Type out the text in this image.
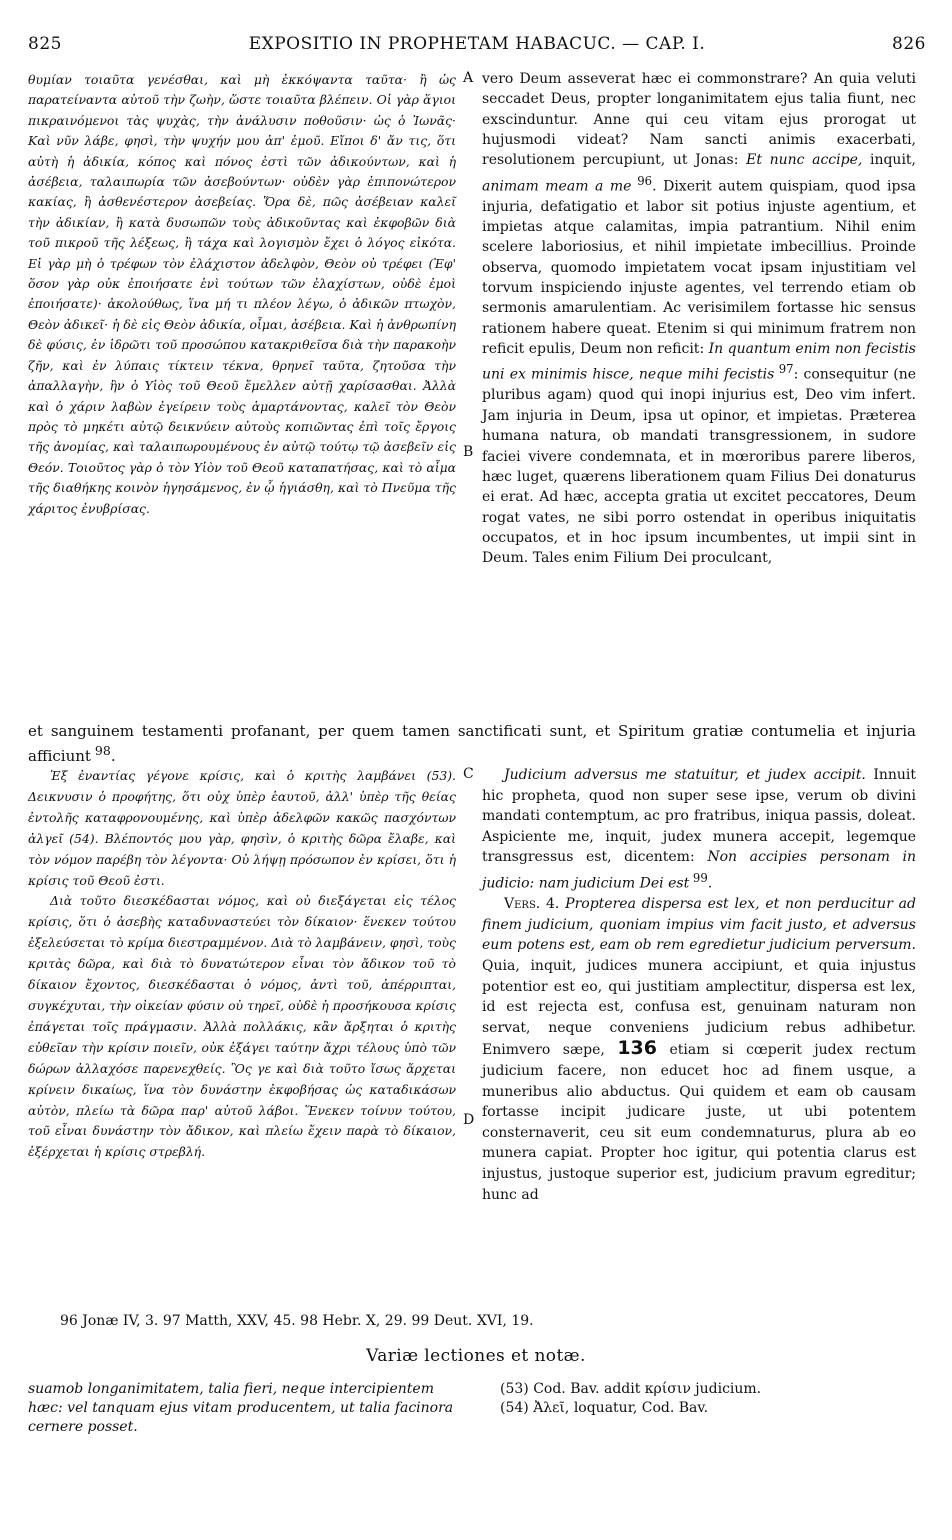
825	EXPOSITIO IN PROPHETAM HABACUC. — CAP. I.	826

θυμίαν τοιαῦτα γενέσθαι, καὶ μὴ ἐκκόψαντα ταῦτα· ἢ ὡς παρατείναντα αὐτοῦ τὴν ζωὴν, ὥστε τοιαῦτα βλέπειν. Οἱ γὰρ ἅγιοι πικραινόμενοι τὰς ψυχὰς, τὴν ἀνάλυσιν ποθοῦσιν· ὡς ὁ Ἰωνᾶς· Καὶ νῦν λάβε, φησὶ, τὴν ψυχήν μου ἀπ' ἐμοῦ. Εἴποι δ' ἄν τις, ὅτι αὐτὴ ἡ ἀδικία, κόπος καὶ πόνος ἐστὶ τῶν ἀδικούντων, καὶ ἡ ἀσέβεια, ταλαιπωρία τῶν ἀσεβούντων· οὐδὲν γὰρ ἐπιπονώτερον κακίας, ἢ ἀσθενέστερον ἀσεβείας. Ὅρα δὲ, πῶς ἀσέβειαν καλεῖ τὴν ἀδικίαν, ἢ κατὰ δυσωπῶν τοὺς ἀδικοῦντας καὶ ἐκφοβῶν διὰ τοῦ πικροῦ τῆς λέξεως, ἢ τάχα καὶ λογισμὸν ἔχει ὁ λόγος εἰκότα. Εἰ γὰρ μὴ ὁ τρέφων τὸν ἐλάχιστον ἀδελφὸν, Θεὸν οὐ τρέφει (Ἐφ' ὅσον γὰρ οὐκ ἐποιήσατε ἑνὶ τούτων τῶν ἐλαχίστων, οὐδὲ ἐμοὶ ἐποιήσατε)· ἀκολούθως, ἵνα μή τι πλέον λέγω, ὁ ἀδικῶν πτωχὸν, Θεὸν ἀδικεῖ· ἡ δὲ εἰς Θεὸν ἀδικία, οἶμαι, ἀσέβεια. Καὶ ἡ ἀνθρωπίνη δὲ φύσις, ἐν ἱδρῶτι τοῦ προσώπου κατακριθεῖσα διὰ τὴν παρακοὴν ζῆν, καὶ ἐν λύπαις τίκτειν τέκνα, θρηνεῖ ταῦτα, ζητοῦσα τὴν ἀπαλλαγὴν, ἣν ὁ Υἱὸς τοῦ Θεοῦ ἔμελλεν αὐτῇ χαρίσασθαι. Ἀλλὰ καὶ ὁ χάριν λαβὼν ἐγείρειν τοὺς ἁμαρτάνοντας, καλεῖ τὸν Θεὸν πρὸς τὸ μηκέτι αὐτῷ δεικνύειν αὐτοὺς κοπιῶντας ἐπὶ τοῖς ἔργοις τῆς ἀνομίας, καὶ ταλαιπωρουμένους ἐν αὐτῷ τούτῳ τῷ ἀσεβεῖν εἰς Θεόν. Τοιοῦτος γὰρ ὁ τὸν Υἱὸν τοῦ Θεοῦ καταπατήσας, καὶ τὸ αἷμα τῆς διαθήκης κοινὸν ἡγησάμενος, ἐν ᾧ ἡγιάσθη, καὶ τὸ Πνεῦμα τῆς χάριτος ἐνυβρίσας.

A
B
C
D

vero Deum asseverat hæc ei commonstrare? An quia veluti seccadet Deus, propter longanimitatem ejus talia fiunt, nec exscinduntur. Anne qui ceu vitam ejus prorogat ut hujusmodi videat? Nam sancti animis exacerbati, resolutionem percupiunt, ut Jonas: Et nunc accipe, inquit, animam meam a me $^{96}$. Dixerit autem quispiam, quod ipsa injuria, defatigatio et labor sit potius injuste agentium, et impietas atque calamitas, impia patrantium. Nihil enim scelere laboriosius, et nihil impietate imbecillius. Proinde observa, quomodo impietatem vocat ipsam injustitiam vel torvum inspiciendo injuste agentes, vel terrendo etiam ob sermonis amarulentiam. Ac verisimilem fortasse hic sensus rationem habere queat. Etenim si qui minimum fratrem non reficit epulis, Deum non reficit: In quantum enim non fecistis uni ex minimis hisce, neque mihi fecistis $^{97}$: consequitur (ne pluribus agam) quod qui inopi injurius est, Deo vim infert. Jam injuria in Deum, ipsa ut opinor, et impietas. Præterea humana natura, ob mandati transgressionem, in sudore faciei vivere condemnata, et in mœroribus parere liberos, hæc luget, quærens liberationem quam Filius Dei donaturus ei erat. Ad hæc, accepta gratia ut excitet peccatores, Deum rogat vates, ne sibi porro ostendat in operibus iniquitatis occupatos, et in hoc ipsum incumbentes, ut impii sint in Deum. Tales enim Filium Dei proculcant,

et sanguinem testamenti profanant, per quem tamen sanctificati sunt, et Spiritum gratiæ contumelia et injuria afficiunt $^{98}$.

Ἐξ ἐναντίας γέγονε κρίσις, καὶ ὁ κριτὴς λαμβάνει (53). Δεικνυσιν ὁ προφήτης, ὅτι οὐχ ὑπὲρ ἑαυτοῦ, ἀλλ' ὑπὲρ τῆς θείας ἐντολῆς καταφρονουμένης, καὶ ὑπὲρ ἀδελφῶν κακῶς πασχόντων ἀλγεῖ (54). Βλέποντός μου γὰρ, φησὶν, ὁ κριτὴς δῶρα ἔλαβε, καὶ τὸν νόμον παρέβη τὸν λέγοντα· Οὐ λήψῃ πρόσωπον ἐν κρίσει, ὅτι ἡ κρίσις τοῦ Θεοῦ ἐστι.

Διὰ τοῦτο διεσκέδασται νόμος, καὶ οὐ διεξάγεται εἰς τέλος κρίσις, ὅτι ὁ ἀσεβὴς καταδυναστεύει τὸν δίκαιον· ἕνεκεν τούτου ἐξελεύσεται τὸ κρίμα διεστραμμένον. Διὰ τὸ λαμβάνειν, φησὶ, τοὺς κριτὰς δῶρα, καὶ διὰ τὸ δυνατώτερον εἶναι τὸν ἄδικον τοῦ τὸ δίκαιον ἔχοντος, διεσκέδασται ὁ νόμος, ἀντὶ τοῦ, ἀπέρριπται, συγκέχυται, τὴν οἰκείαν φύσιν οὐ τηρεῖ, οὐδὲ ἡ προσήκουσα κρίσις ἐπάγεται τοῖς πράγμασιν. Ἀλλὰ πολλάκις, κἂν ἄρξηται ὁ κριτὴς εὐθεῖαν τὴν κρίσιν ποιεῖν, οὐκ ἐξάγει ταύτην ἄχρι τέλους ὑπὸ τῶν δώρων ἀλλαχόσε παρενεχθείς. Ὃς γε καὶ διὰ τοῦτο ἴσως ἄρχεται κρίνειν δικαίως, ἵνα τὸν δυνάστην ἐκφοβήσας ὡς καταδικάσων αὐτὸν, πλείω τὰ δῶρα παρ' αὐτοῦ λάβοι. Ἕνεκεν τοίνυν τούτου, τοῦ εἶναι δυνάστην τὸν ἄδικον, καὶ πλείω ἔχειν παρὰ τὸ δίκαιον, ἐξέρχεται ἡ κρίσις στρεβλή.

Judicium adversus me statuitur, et judex accipit. Innuit hic propheta, quod non super sese ipse, verum ob divini mandati contemptum, ac pro fratribus, iniqua passis, doleat. Aspiciente me, inquit, judex munera accepit, legemque transgressus est, dicentem: Non accipies personam in judicio: nam judicium Dei est $^{99}$.

Vers. 4. Propterea dispersa est lex, et non perducitur ad finem judicium, quoniam impius vim facit justo, et adversus eum potens est, eam ob rem egredietur judicium perversum. Quia, inquit, judices munera accipiunt, et quia injustus potentior est eo, qui justitiam amplectitur, dispersa est lex, id est rejecta est, confusa est, genuinam naturam non servat, neque conveniens judicium rebus adhibetur. Enimvero sæpe, 136 etiam si cœperit judex rectum judicium facere, non educet hoc ad finem usque, a muneribus alio abductus. Qui quidem et eam ob causam fortasse incipit judicare juste, ut ubi potentem consternaverit, ceu sit eum condemnaturus, plura ab eo munera capiat. Propter hoc igitur, qui potentia clarus est injustus, justoque superior est, judicium pravum egreditur; hunc ad

96 Jonæ IV, 3. 97 Matth, XXV, 45. 98 Hebr. X, 29. 99 Deut. XVI, 19.
Variæ lectiones et notæ.
suamob longanimitatem, talia fieri, neque intercipientem hæc: vel tanquam ejus vitam producentem, ut talia facinora cernere posset.

(53) Cod. Bav. addit κρίσιν judicium.

(54) Ἀλεῖ, loquatur, Cod. Bav.
